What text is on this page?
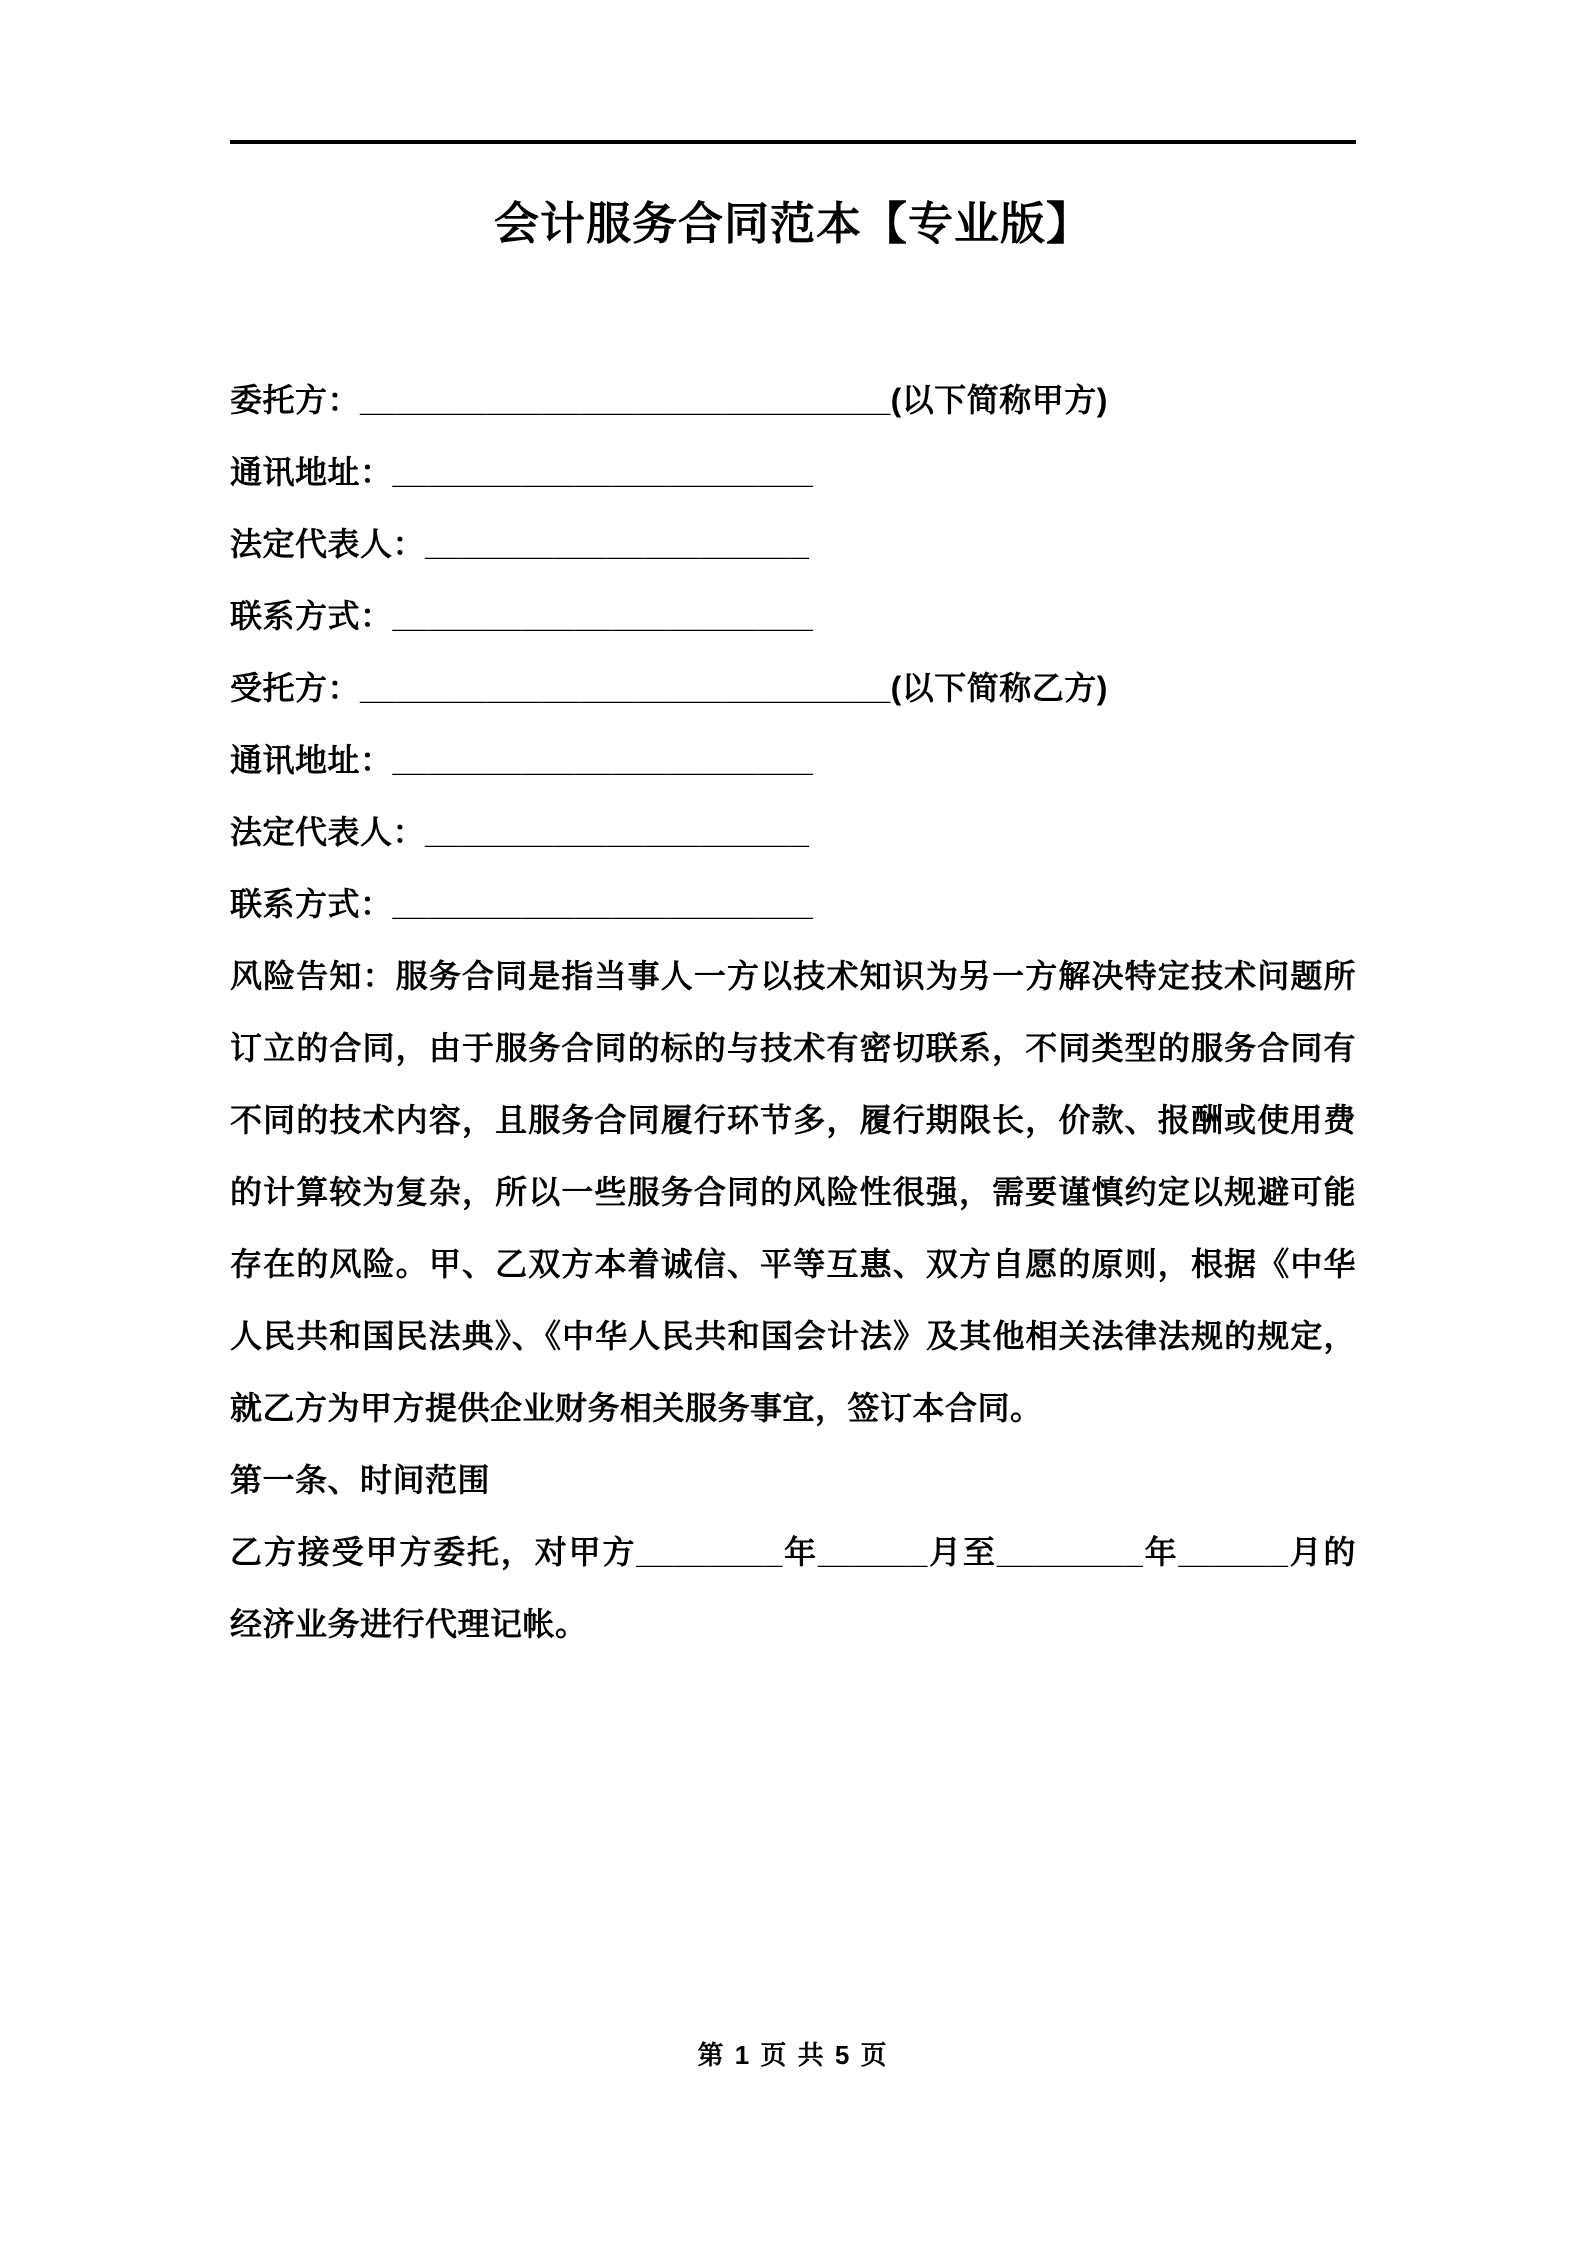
会计服务合同范本【专业版】
委托方：_____________________________(以下简称甲方)
通讯地址：_______________________
法定代表人：_____________________
联系方式：_______________________
受托方：_____________________________(以下简称乙方)
通讯地址：_______________________
法定代表人：_____________________
联系方式：_______________________

风险告知：服务合同是指当事人一方以技术知识为另一方解决特定技术问题所订立的合同，由于服务合同的标的与技术有密切联系，不同类型的服务合同有不同的技术内容，且服务合同履行环节多，履行期限长，价款、报酬或使用费的计算较为复杂，所以一些服务合同的风险性很强，需要谨慎约定以规避可能存在的风险。甲、乙双方本着诚信、平等互惠、双方自愿的原则，根据《中华人民共和国民法典》、《中华人民共和国会计法》及其他相关法律法规的规定，就乙方为甲方提供企业财务相关服务事宜，签订本合同。

第一条、时间范围

乙方接受甲方委托，对甲方________年______月至________年______月的经济业务进行代理记帐。

第 1 页 共 5 页
